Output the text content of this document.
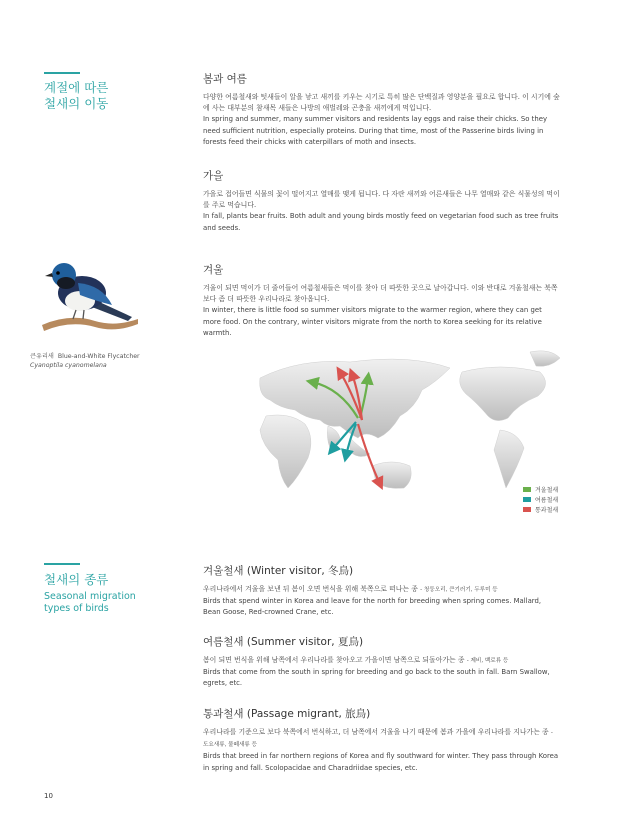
계절에 따른
철새의 이동
봄과 여름

다양한 여름철새와 텃새들이 알을 낳고 새끼를 키우는 시기로 특히 많은 단백질과 영양분을 필요로 합니다. 이 시기에 숲에 사는 대부분의 참새목 새들은 나방의 애벌레와 곤충을 새끼에게 먹입니다.

In spring and summer, many summer visitors and residents lay eggs and raise their chicks. So they need sufficient nutrition, especially proteins. During that time, most of the Passerine birds living in forests feed their chicks with caterpillars of moth and insects.

가을

가을로 접어들면 식물의 꽃이 떨어지고 열매를 맺게 됩니다. 다 자란 새끼와 어른새들은 나무 열매와 같은 식물성의 먹이를 주로 먹습니다.

In fall, plants bear fruits. Both adult and young birds mostly feed on vegetarian food such as tree fruits and seeds.

겨울

겨울이 되면 먹이가 더 줄어들어 여름철새들은 먹이를 찾아 더 따뜻한 곳으로 날아갑니다. 이와 반대로 겨울철새는 북쪽보다 좀 더 따뜻한 우리나라로 찾아옵니다.

In winter, there is little food so summer visitors migrate to the warmer region, where they can get more food. On the contrary, winter visitors migrate from the north to Korea seeking for its relative warmth.

큰유리새 Blue-and-White Flycatcher
Cyanoptila cyanomelana
겨울철새
여름철새
통과철새
철새의 종류
Seasonal migration
types of birds
겨울철새 (Winter visitor, 冬鳥)

우리나라에서 겨울을 보낸 뒤 봄이 오면 번식을 위해 북쪽으로 떠나는 종 - 청둥오리, 큰기러기, 두루미 등

Birds that spend winter in Korea and leave for the north for breeding when spring comes. Mallard, Bean Goose, Red-crowned Crane, etc.

여름철새 (Summer visitor, 夏鳥)

봄이 되면 번식을 위해 남쪽에서 우리나라를 찾아오고 가을이면 남쪽으로 되돌아가는 종 - 제비, 백로류 등

Birds that come from the south in spring for breeding and go back to the south in fall. Barn Swallow, egrets, etc.

통과철새 (Passage migrant, 旅鳥)

우리나라를 기준으로 보다 북쪽에서 번식하고, 더 남쪽에서 겨울을 나기 때문에 봄과 가을에 우리나라를 지나가는 종 - 도요새류, 물떼새류 등

Birds that breed in far northern regions of Korea and fly southward for winter. They pass through Korea in spring and fall. Scolopacidae and Charadriidae species, etc.

10
